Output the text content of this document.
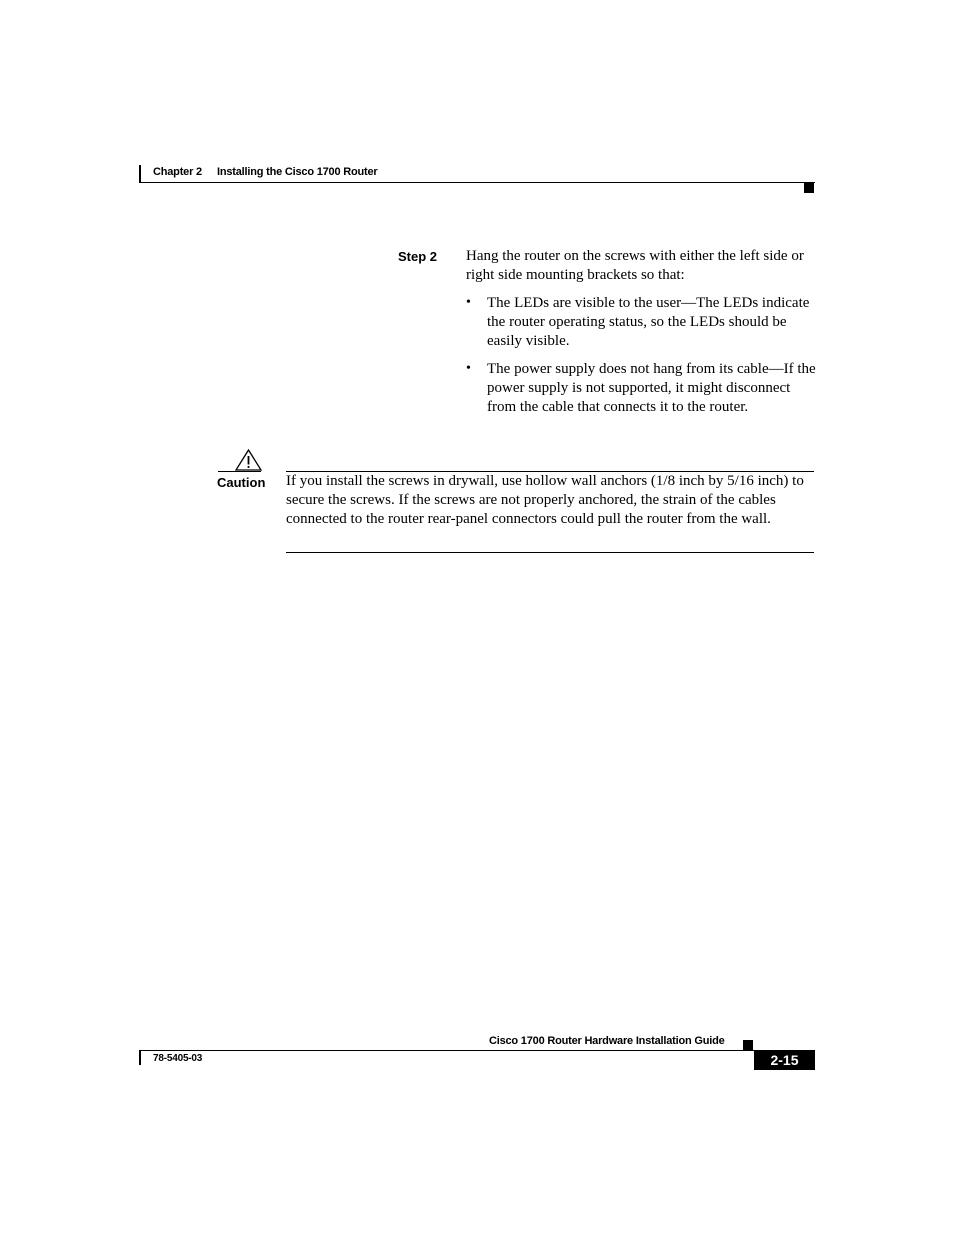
Chapter 2 Installing the Cisco 1700 Router
Step 2 Hang the router on the screws with either the left side or right side mounting brackets so that:
• The LEDs are visible to the user—The LEDs indicate the router operating status, so the LEDs should be easily visible.
• The power supply does not hang from its cable—If the power supply is not supported, it might disconnect from the cable that connects it to the router.
Caution If you install the screws in drywall, use hollow wall anchors (1/8 inch by 5/16 inch) to secure the screws. If the screws are not properly anchored, the strain of the cables connected to the router rear-panel connectors could pull the router from the wall.
Cisco 1700 Router Hardware Installation Guide
78-5405-03	2-15
